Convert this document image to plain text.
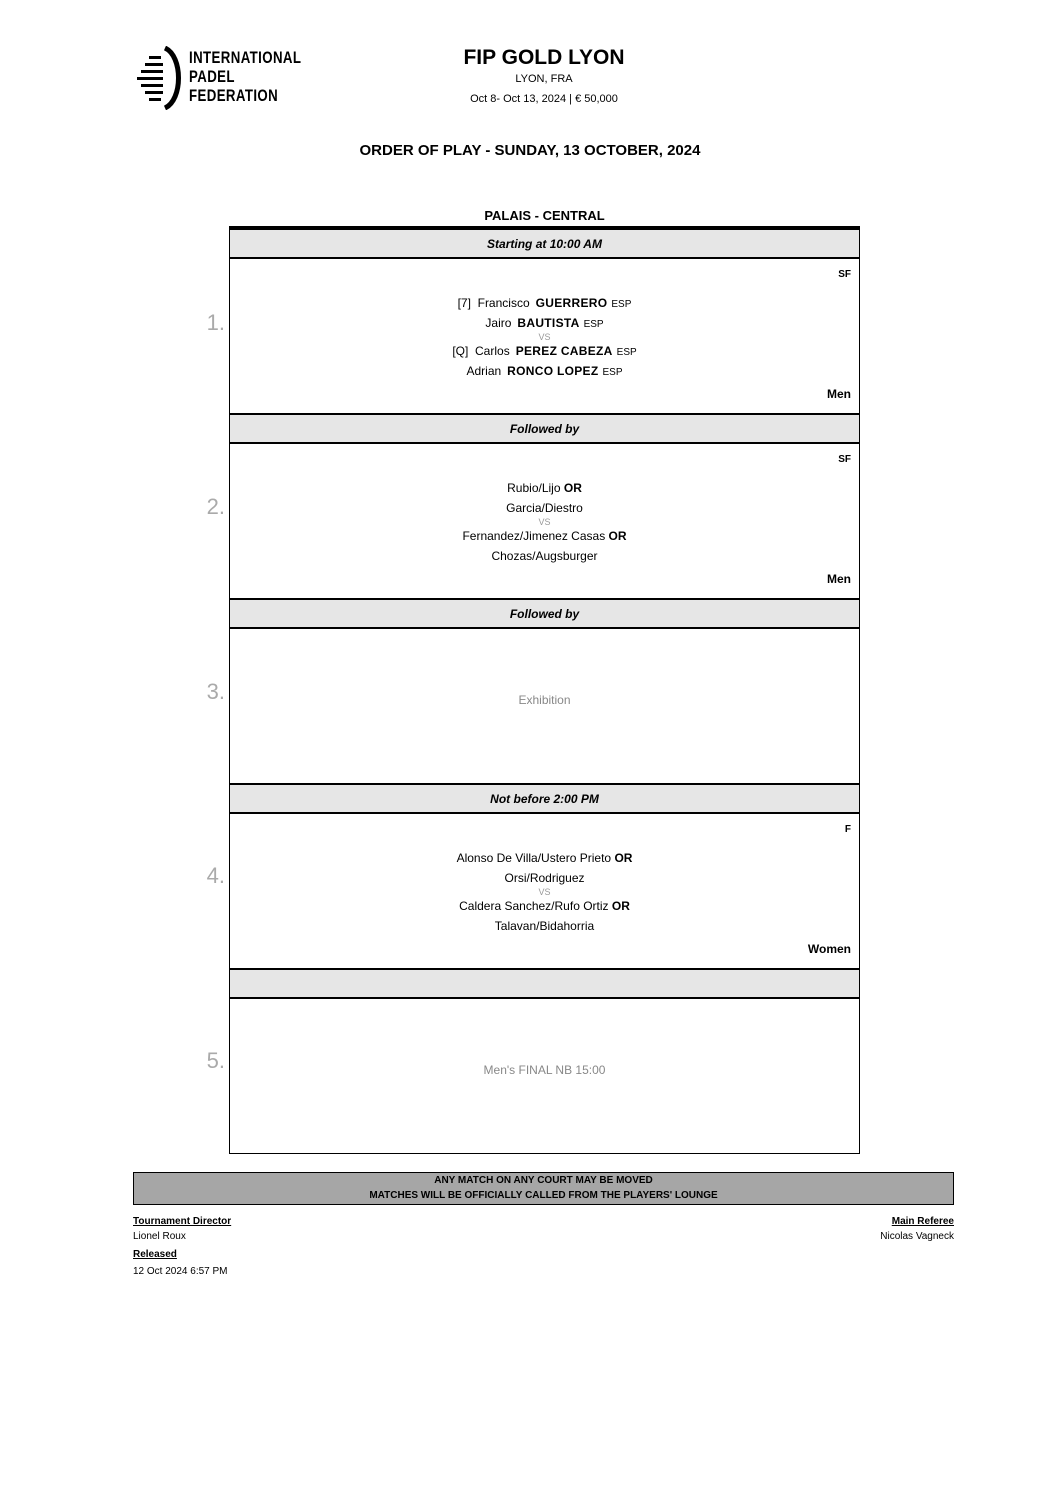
INTERNATIONAL
PADEL
FEDERATION
FIP GOLD LYON
LYON, FRA
Oct 8- Oct 13, 2024 | € 50,000
ORDER OF PLAY - SUNDAY, 13 OCTOBER, 2024
PALAIS - CENTRAL
Starting at 10:00 AM
SF
[7] Francisco GUERRERO ESP
Jairo BAUTISTA ESP
VS
[Q] Carlos PEREZ CABEZA ESP
Adrian RONCO LOPEZ ESP
Men
Followed by
SF
Rubio/Lijo OR
Garcia/Diestro
VS
Fernandez/Jimenez Casas OR
Chozas/Augsburger
Men
Followed by
Exhibition
Not before 2:00 PM
F
Alonso De Villa/Ustero Prieto OR
Orsi/Rodriguez
VS
Caldera Sanchez/Rufo Ortiz OR
Talavan/Bidahorria
Women
Men's FINAL NB 15:00
1.
2.
3.
4.
5.
ANY MATCH ON ANY COURT MAY BE MOVED
MATCHES WILL BE OFFICIALLY CALLED FROM THE PLAYERS' LOUNGE
Tournament Director
Lionel Roux
Released
12 Oct 2024 6:57 PM
Main Referee
Nicolas Vagneck
